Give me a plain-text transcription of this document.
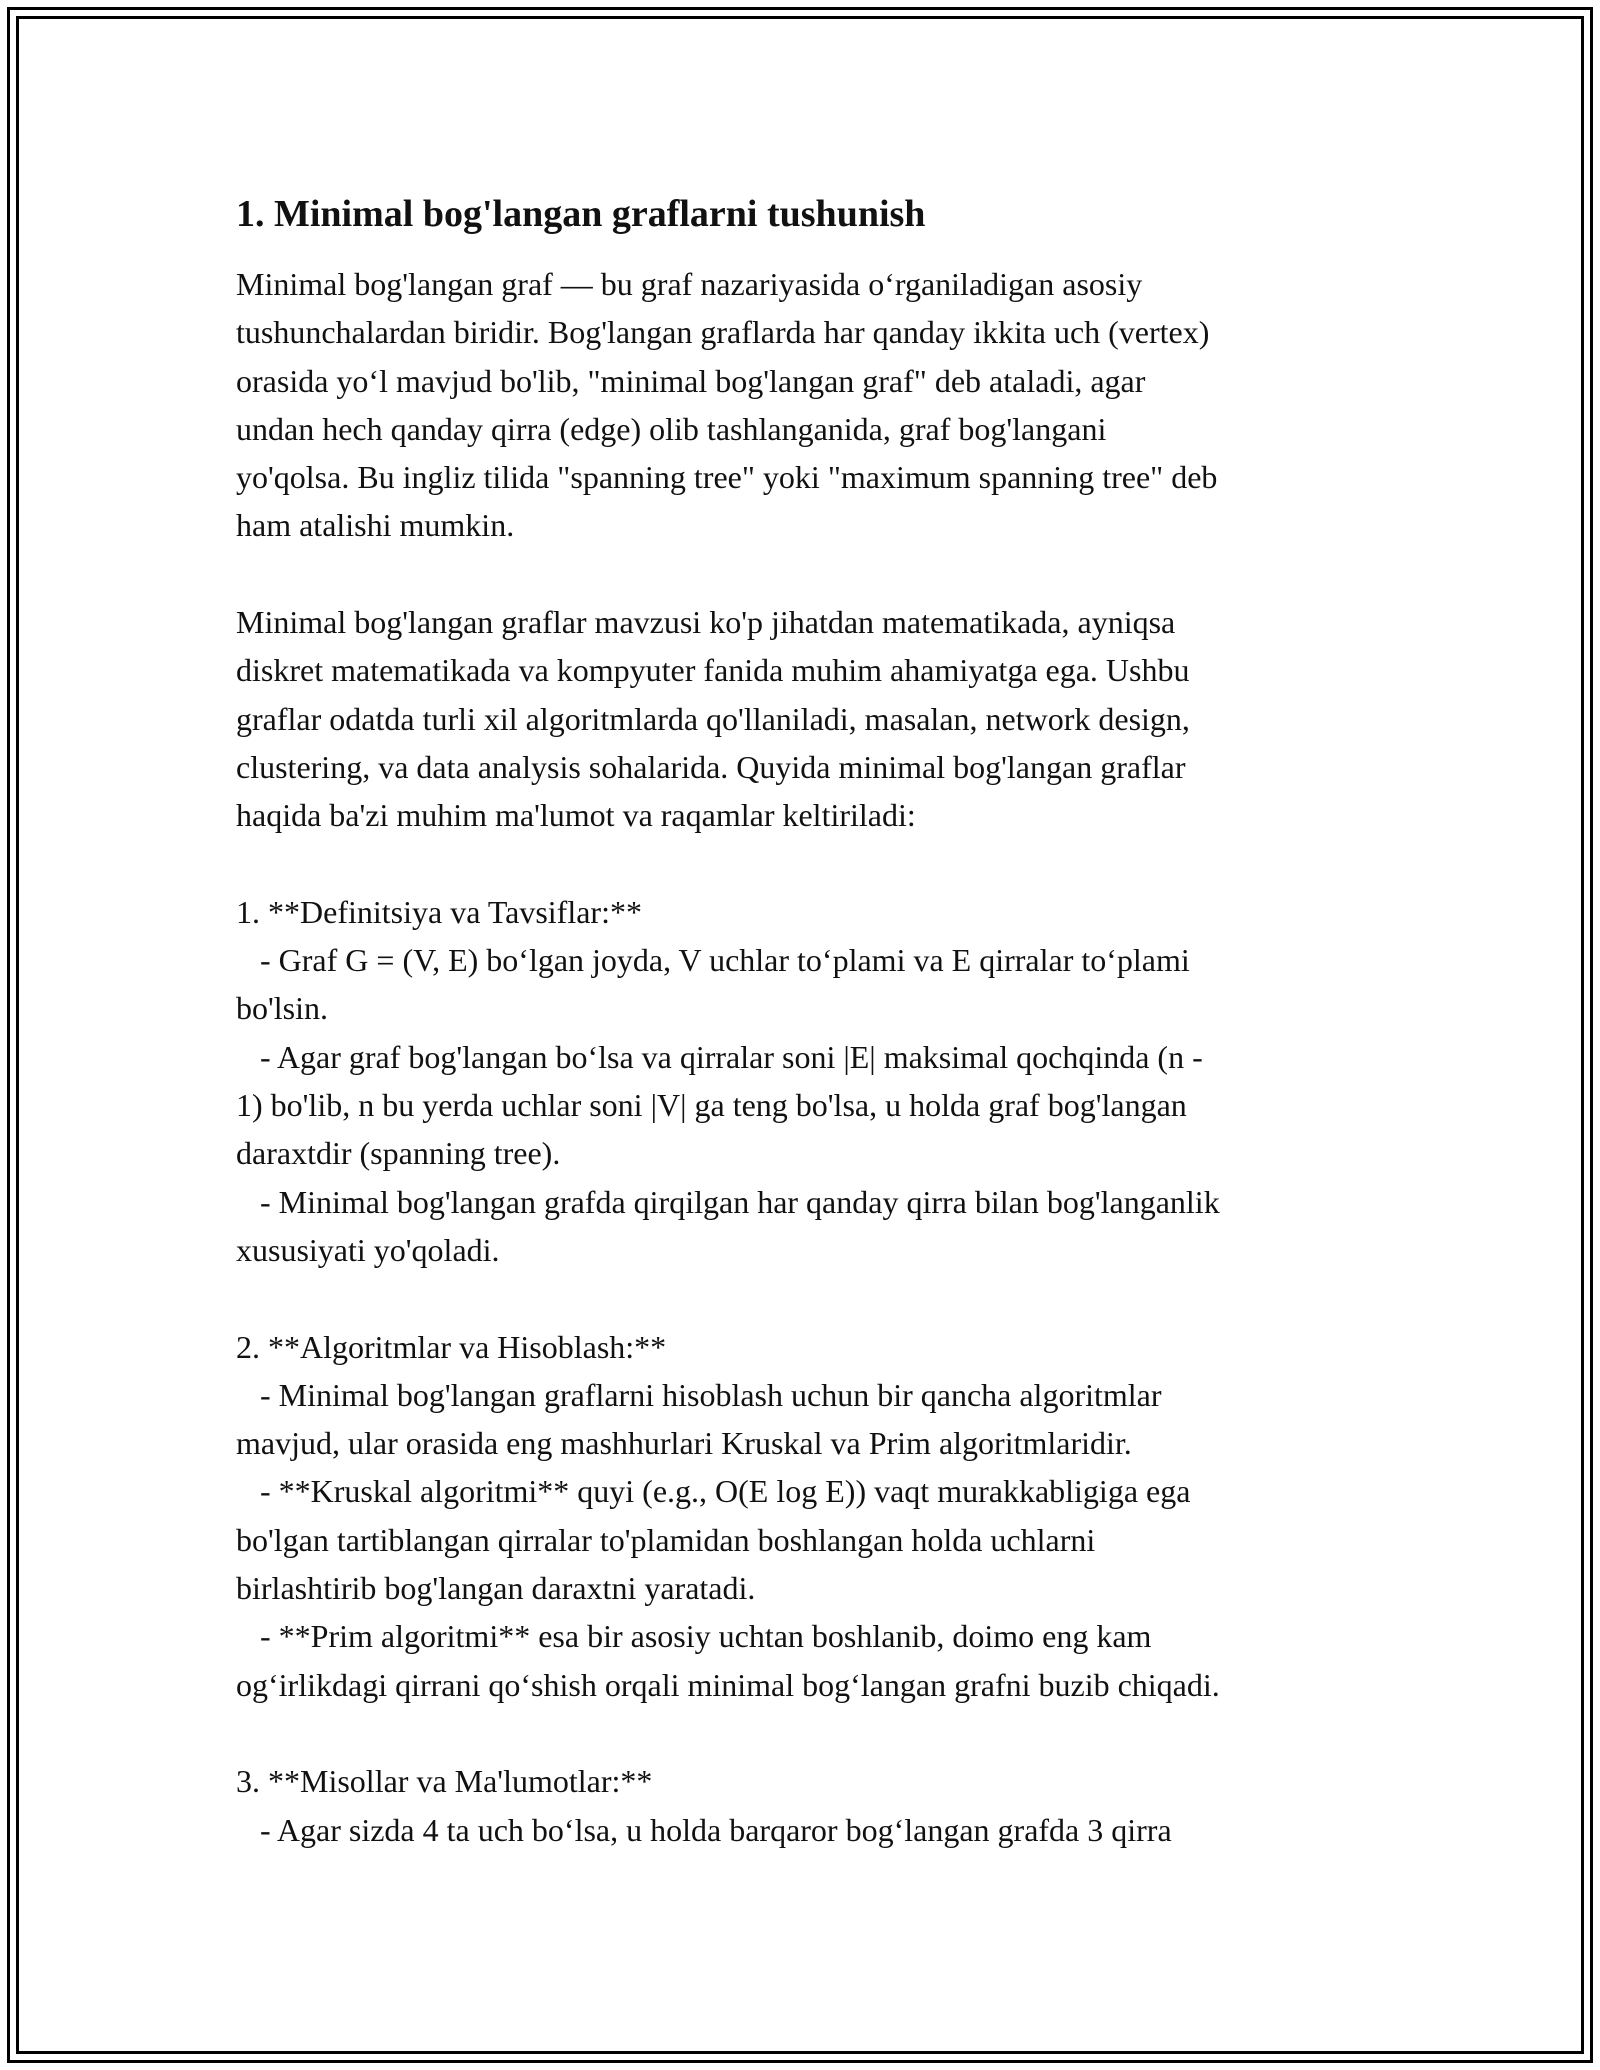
1. Minimal bog'langan graflarni tushunish
Minimal bog'langan graf — bu graf nazariyasida o‘rganiladigan asosiy
tushunchalardan biridir. Bog'langan graflarda har qanday ikkita uch (vertex)
orasida yo‘l mavjud bo'lib, "minimal bog'langan graf" deb ataladi, agar
undan hech qanday qirra (edge) olib tashlanganida, graf bog'langani
yo'qolsa. Bu ingliz tilida "spanning tree" yoki "maximum spanning tree" deb
ham atalishi mumkin.

Minimal bog'langan graflar mavzusi ko'p jihatdan matematikada, ayniqsa
diskret matematikada va kompyuter fanida muhim ahamiyatga ega. Ushbu
graflar odatda turli xil algoritmlarda qo'llaniladi, masalan, network design,
clustering, va data analysis sohalarida. Quyida minimal bog'langan graflar
haqida ba'zi muhim ma'lumot va raqamlar keltiriladi:

1. **Definitsiya va Tavsiflar:**
- Graf G = (V, E) bo‘lgan joyda, V uchlar to‘plami va E qirralar to‘plami
bo'lsin.
- Agar graf bog'langan bo‘lsa va qirralar soni |E| maksimal qochqinda (n -
1) bo'lib, n bu yerda uchlar soni |V| ga teng bo'lsa, u holda graf bog'langan
daraxtdir (spanning tree).
- Minimal bog'langan grafda qirqilgan har qanday qirra bilan bog'langanlik
xususiyati yo'qoladi.

2. **Algoritmlar va Hisoblash:**
- Minimal bog'langan graflarni hisoblash uchun bir qancha algoritmlar
mavjud, ular orasida eng mashhurlari Kruskal va Prim algoritmlaridir.
- **Kruskal algoritmi** quyi (e.g., O(E log E)) vaqt murakkabligiga ega
bo'lgan tartiblangan qirralar to'plamidan boshlangan holda uchlarni
birlashtirib bog'langan daraxtni yaratadi.
- **Prim algoritmi** esa bir asosiy uchtan boshlanib, doimo eng kam
og‘irlikdagi qirrani qo‘shish orqali minimal bog‘langan grafni buzib chiqadi.

3. **Misollar va Ma'lumotlar:**
- Agar sizda 4 ta uch bo‘lsa, u holda barqaror bog‘langan grafda 3 qirra
